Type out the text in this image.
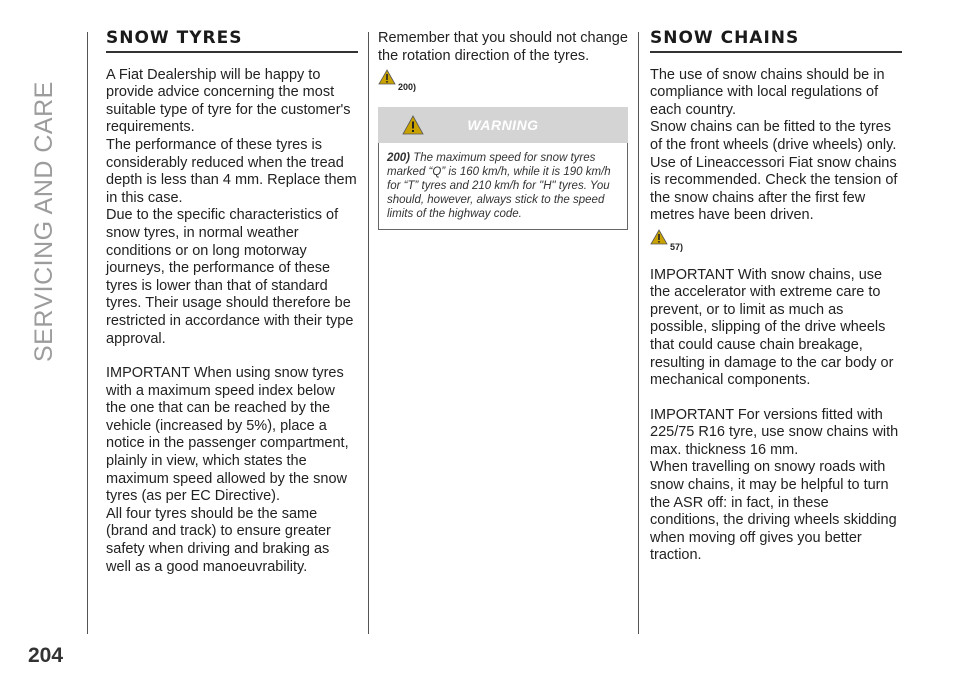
SERVICING AND CARE
204
SNOW TYRES

A Fiat Dealership will be happy to provide advice concerning the most suitable type of tyre for the customer's requirements.

The performance of these tyres is considerably reduced when the tread depth is less than 4 mm. Replace them in this case.

Due to the specific characteristics of snow tyres, in normal weather conditions or on long motorway journeys, the performance of these tyres is lower than that of standard tyres. Their usage should therefore be restricted in accordance with their type approval.

IMPORTANT When using snow tyres with a maximum speed index below the one that can be reached by the vehicle (increased by 5%), place a notice in the passenger compartment, plainly in view, which states the maximum speed allowed by the snow tyres (as per EC Directive).

All four tyres should be the same (brand and track) to ensure greater safety when driving and braking as well as a good manoeuvrability.

Remember that you should not change the rotation direction of the tyres.

200)
WARNING
200) The maximum speed for snow tyres marked “Q” is 160 km/h, while it is 190 km/h for “T” tyres and 210 km/h for "H" tyres. You should, however, always stick to the speed limits of the highway code.
SNOW CHAINS

The use of snow chains should be in compliance with local regulations of each country.

Snow chains can be fitted to the tyres of the front wheels (drive wheels) only. Use of Lineaccessori Fiat snow chains is recommended. Check the tension of the snow chains after the first few metres have been driven.

57)

IMPORTANT With snow chains, use the accelerator with extreme care to prevent, or to limit as much as possible, slipping of the drive wheels that could cause chain breakage, resulting in damage to the car body or mechanical components.

IMPORTANT For versions fitted with 225/75 R16 tyre, use snow chains with max. thickness 16 mm.

When travelling on snowy roads with snow chains, it may be helpful to turn the ASR off: in fact, in these conditions, the driving wheels skidding when moving off gives you better traction.
